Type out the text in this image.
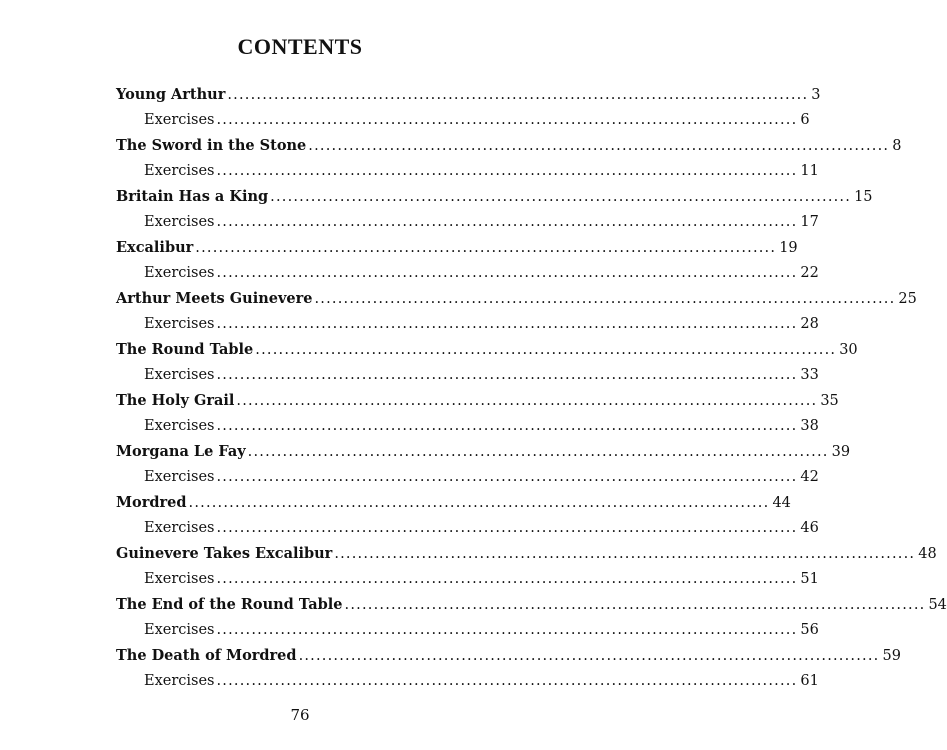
CONTENTS
Young Arthur .................................................................................................... 3
Exercises .................................................................................................... 6
The Sword in the Stone .................................................................................................... 8
Exercises .................................................................................................... 11
Britain Has a King .................................................................................................... 15
Exercises .................................................................................................... 17
Excalibur .................................................................................................... 19
Exercises .................................................................................................... 22
Arthur Meets Guinevere .................................................................................................... 25
Exercises .................................................................................................... 28
The Round Table .................................................................................................... 30
Exercises .................................................................................................... 33
The Holy Grail .................................................................................................... 35
Exercises .................................................................................................... 38
Morgana Le Fay .................................................................................................... 39
Exercises .................................................................................................... 42
Mordred .................................................................................................... 44
Exercises .................................................................................................... 46
Guinevere Takes Excalibur .................................................................................................... 48
Exercises .................................................................................................... 51
The End of the Round Table .................................................................................................... 54
Exercises .................................................................................................... 56
The Death of Mordred .................................................................................................... 59
Exercises .................................................................................................... 61
76
